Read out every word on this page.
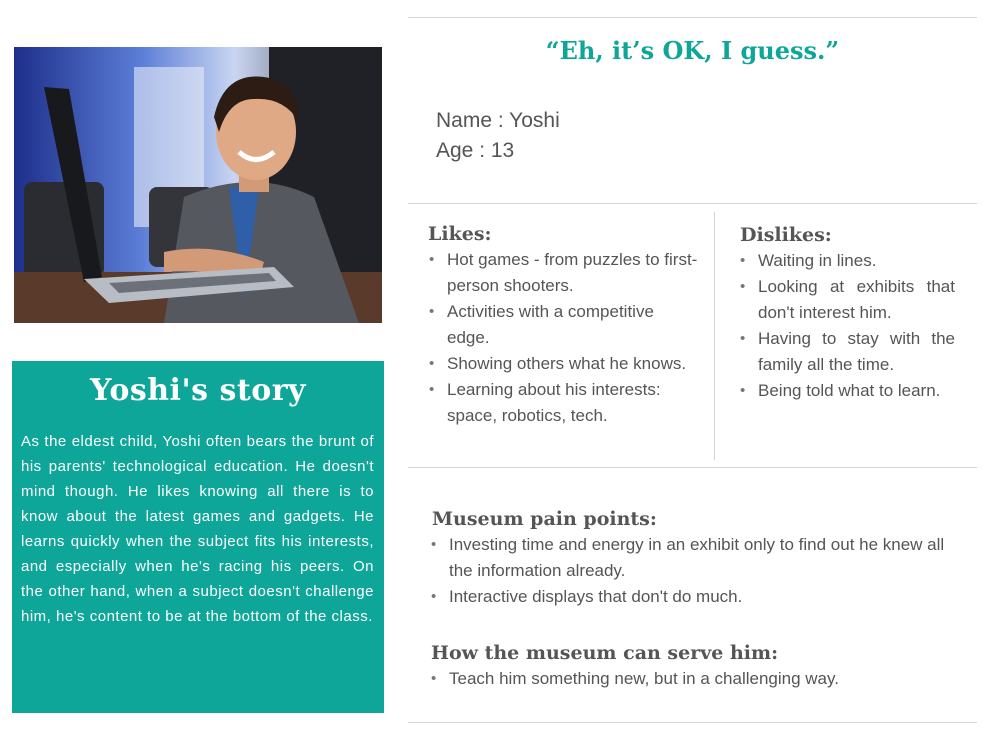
Yoshi's story
As the eldest child, Yoshi often bears the brunt of his parents' technological education. He doesn't mind though. He likes knowing all there is to know about the latest games and gadgets. He learns quickly when the subject fits his interests, and especially when he's racing his peers. On the other hand, when a subject doesn't challenge him, he's content to be at the bottom of the class.
“Eh, it’s OK, I guess.”
Name : Yoshi
Age : 13
Likes:
• Hot games - from puzzles to first-person shooters.
• Activities with a competitive edge.
• Showing others what he knows.
• Learning about his interests: space, robotics, tech.
Dislikes:
• Waiting in lines.
• Looking at exhibits that don't interest him.
• Having to stay with the family all the time.
• Being told what to learn.
Museum pain points:
• Investing time and energy in an exhibit only to find out he knew all the information already.
• Interactive displays that don't do much.
How the museum can serve him:
• Teach him something new, but in a challenging way.
